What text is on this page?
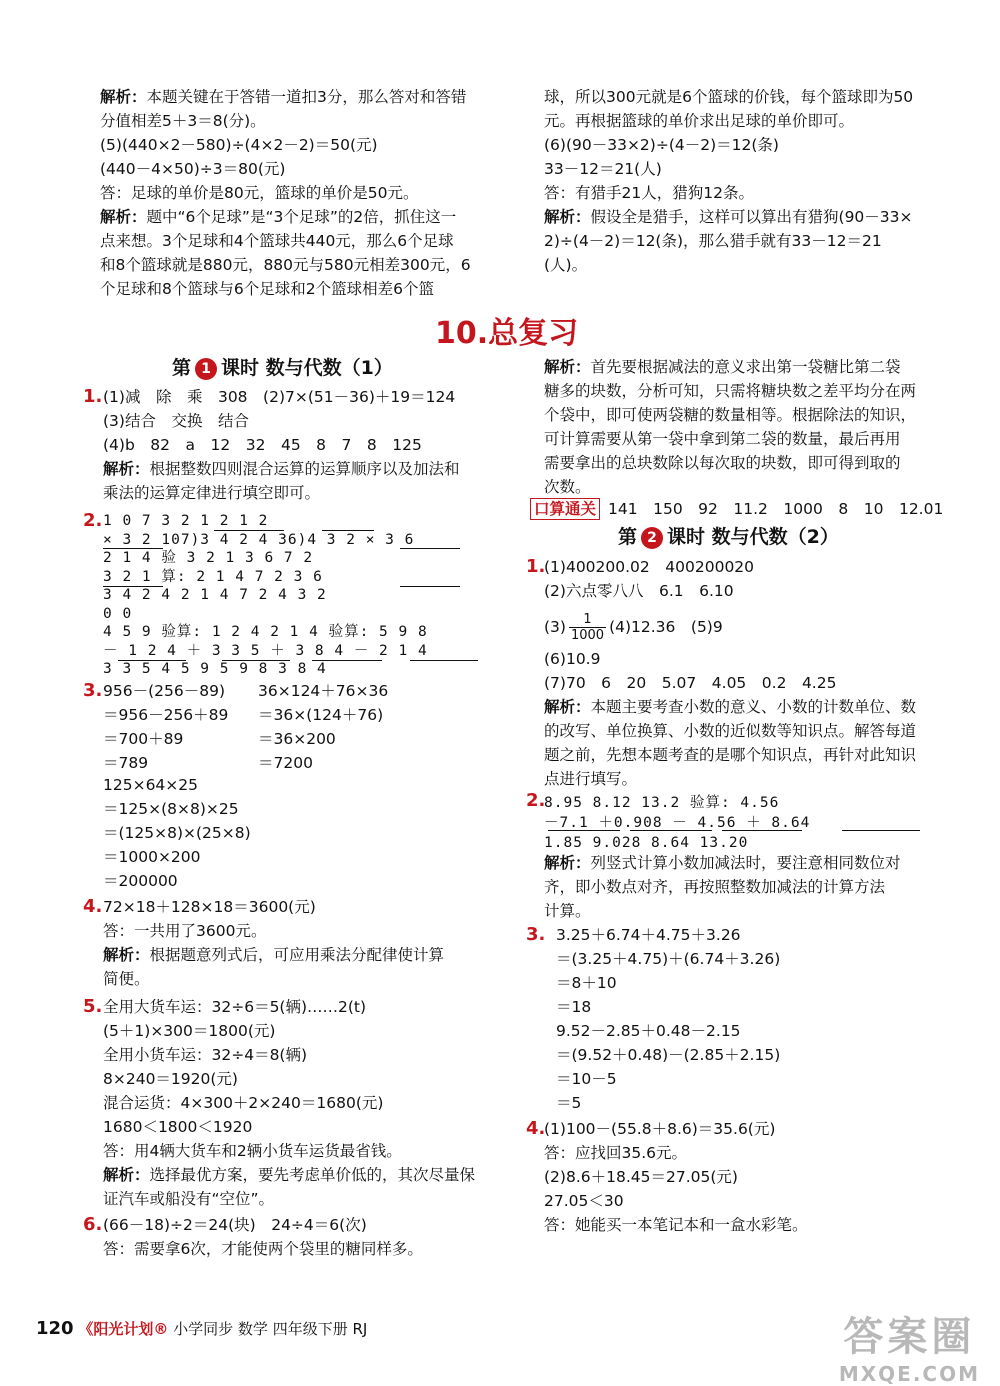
10.总复习
第 1 课时 数与代数（1）
第 2 课时 数与代数（2）
120 《阳光计划® 小学同步 数学 四年级下册 RJ	答案圈
MXQE.COM
解析：本题关键在于答错一道扣3分，那么答对和答错
分值相差5＋3＝8(分)。
(5)(440×2－580)÷(4×2－2)＝50(元)
(440－4×50)÷3＝80(元)
答：足球的单价是80元，篮球的单价是50元。
解析：题中“6个足球”是“3个足球”的2倍，抓住这一
点来想。3个足球和4个篮球共440元，那么6个足球
和8个篮球就是880元，880元与580元相差300元，6
个足球和8个篮球与6个足球和2个篮球相差6个篮
球，所以300元就是6个篮球的价钱，每个篮球即为50
元。再根据篮球的单价求出足球的单价即可。
(6)(90－33×2)÷(4－2)＝12(条)
33－12＝21(人)
答：有猎手21人，猎狗12条。
解析：假设全是猎手，这样可以算出有猎狗(90－33×
2)÷(4－2)＝12(条)，那么猎手就有33－12＝21
(人)。
1. (1)减　除　乘　308　(2)7×(51－36)＋19＝124
(3)结合　交换　结合
(4)b　82　a　12　32　45　8　7　8　125
解析：根据整数四则混合运算的运算顺序以及加法和
乘法的运算定律进行填空即可。
2. 1 0 7 3 2 1 2 1 2
× 3 2 107)3 4 2 4 36)4 3 2 × 3 6
2 1 4 验 3 2 1 3 6 7 2
3 2 1 算: 2 1 4 7 2 3 6
3 4 2 4 2 1 4 7 2 4 3 2
0 0
4 5 9 验算: 1 2 4 2 1 4 验算: 5 9 8
－ 1 2 4 ＋ 3 3 5 ＋ 3 8 4 － 2 1 4
3 3 5 4 5 9 5 9 8 3 8 4
3. 956－(256－89)
＝956－256＋89
＝700＋89
＝789
36×124＋76×36
＝36×(124＋76)
＝36×200
＝7200
125×64×25
＝125×(8×8)×25
＝(125×8)×(25×8)
＝1000×200
＝200000
4. 72×18＋128×18＝3600(元)
答：一共用了3600元。
解析：根据题意列式后，可应用乘法分配律使计算
简便。
5. 全用大货车运：32÷6＝5(辆)……2(t)
(5＋1)×300＝1800(元)
全用小货车运：32÷4＝8(辆)
8×240＝1920(元)
混合运货：4×300＋2×240＝1680(元)
1680＜1800＜1920
答：用4辆大货车和2辆小货车运货最省钱。
解析：选择最优方案，要先考虑单价低的，其次尽量保
证汽车或船没有“空位”。
6. (66－18)÷2＝24(块)　24÷4＝6(次)
答：需要拿6次，才能使两个袋里的糖同样多。
解析：首先要根据减法的意义求出第一袋糖比第二袋
糖多的块数，分析可知，只需将糖块数之差平均分在两
个袋中，即可使两袋糖的数量相等。根据除法的知识，
可计算需要从第一袋中拿到第二袋的数量，最后再用
需要拿出的总块数除以每次取的块数，即可得到取的
次数。
口算通关 141　150　92　11.2　1000　8　10　12.01
1.
(1)400200.02　400200020
(2)六点零八八　6.1　6.10
$(3) \frac{1}{1000} (4)12.36$　(5)9
(6)10.9
(7)70　6　20　5.07　4.05　0.2　4.25
解析：本题主要考查小数的意义、小数的计数单位、数
的改写、单位换算、小数的近似数等知识点。解答每道
题之前，先想本题考查的是哪个知识点，再针对此知识
点进行填写。
2.
8.95 8.12 13.2 验算: 4.56
－7.1 ＋0.908 － 4.56 ＋ 8.64
1.85 9.028 8.64 13.20
解析：列竖式计算小数加减法时，要注意相同数位对
齐，即小数点对齐，再按照整数加减法的计算方法
计算。
3. 3.25＋6.74＋4.75＋3.26
＝(3.25＋4.75)＋(6.74＋3.26)
＝8＋10
＝18
9.52－2.85＋0.48－2.15
＝(9.52＋0.48)－(2.85＋2.15)
＝10－5
＝5
4.
(1)100－(55.8＋8.6)＝35.6(元)
答：应找回35.6元。
(2)8.6＋18.45＝27.05(元)
27.05＜30
答：她能买一本笔记本和一盒水彩笔。
